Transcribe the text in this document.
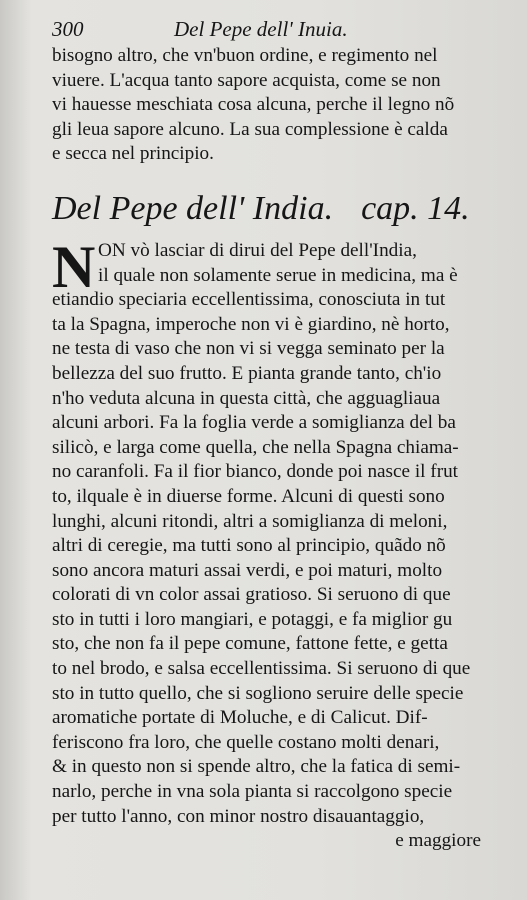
300	Del Pepe dell' Inuia.
bisogno altro, che vn'buon ordine, e regimento nel
viuere. L'acqua tanto sapore acquista, come se non
vi hauesse meschiata cosa alcuna, perche il legno nõ
gli leua sapore alcuno. La sua complessione è calda
e secca nel principio.
Del Pepe dell' India. cap. 14.
N ON vò lasciar di dirui del Pepe dell'India,
il quale non solamente serue in medicina, ma è
etiandio speciaria eccellentissima, conosciuta in tut
ta la Spagna, imperoche non vi è giardino, nè horto,
ne testa di vaso che non vi si vegga seminato per la
bellezza del suo frutto. E pianta grande tanto, ch'io
n'ho veduta alcuna in questa città, che agguagliaua
alcuni arbori. Fa la foglia verde a somiglianza del ba
silicò, e larga come quella, che nella Spagna chiama-
no caranfoli. Fa il fior bianco, donde poi nasce il frut
to, ilquale è in diuerse forme. Alcuni di questi sono
lunghi, alcuni ritondi, altri a somiglianza di meloni,
altri di ceregie, ma tutti sono al principio, quãdo nõ
sono ancora maturi assai verdi, e poi maturi, molto
colorati di vn color assai gratioso. Si seruono di que
sto in tutti i loro mangiari, e potaggi, e fa miglior gu
sto, che non fa il pepe comune, fattone fette, e getta
to nel brodo, e salsa eccellentissima. Si seruono di que
sto in tutto quello, che si sogliono seruire delle specie
aromatiche portate di Moluche, e di Calicut. Dif-
feriscono fra loro, che quelle costano molti denari,
& in questo non si spende altro, che la fatica di semi-
narlo, perche in vna sola pianta si raccolgono specie
per tutto l'anno, con minor nostro disauantaggio,
e maggiore
